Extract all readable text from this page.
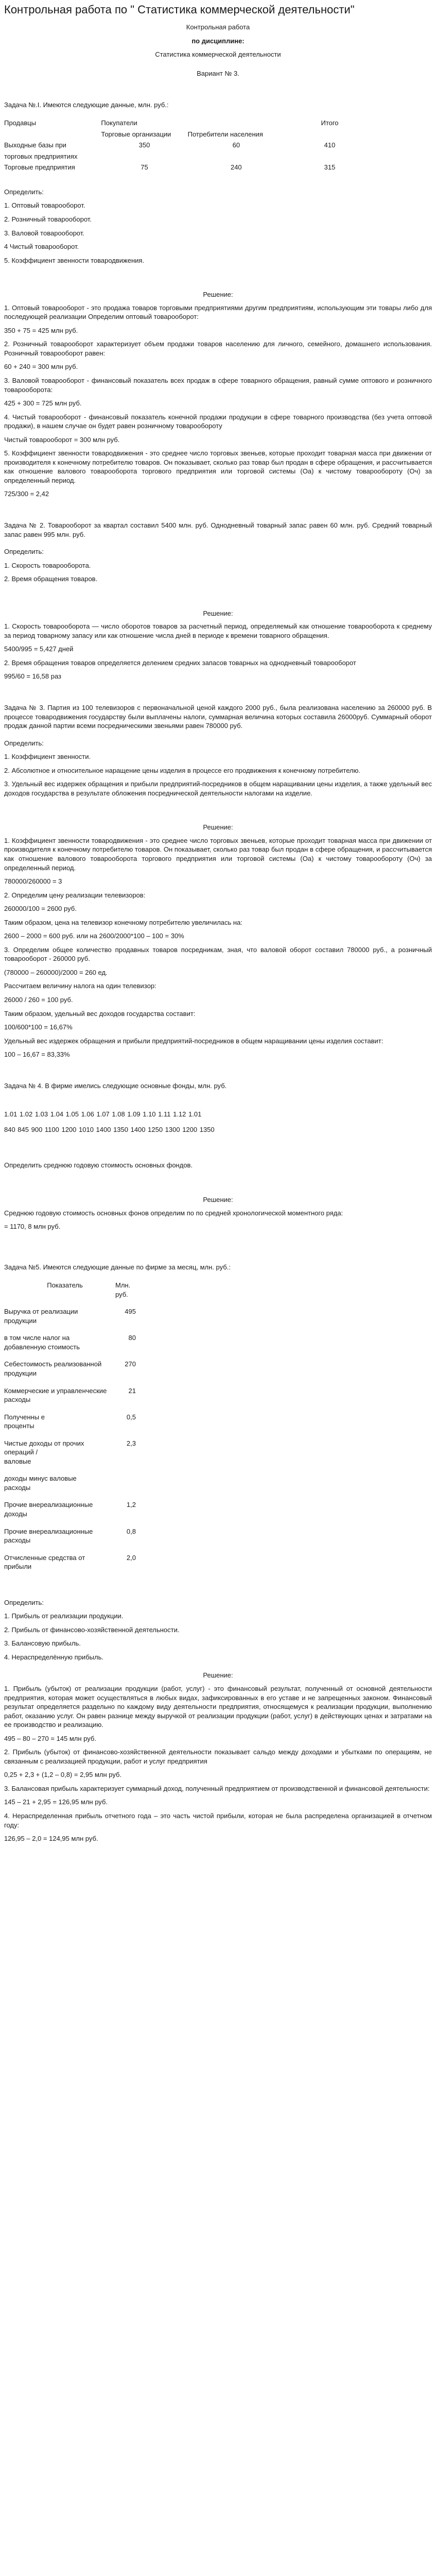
Контрольная работа по " Статистика коммерческой деятельности"

Контрольная работа

по дисциплине:

Статистика коммерческой деятельности

Вариант № 3.

Задача №.I. Имеются следующие данные, млн. руб.:

Продавцы	Покупатели		Итого
	Торговые организации	Потребители населения	
Выходные базы при	350	60	410
торговых предприятиях			
Торговые предприятия	75	240	315

Определить:

1. Оптовый товарооборот.

2. Розничный товарооборот.

3. Валовой товарооборот.

4 Чистый товарооборот.

5. Коэффициент звенности товародвижения.

Решение:

1. Оптовый товарооборот - это продажа товаров торговыми предприятиями другим предприятиям, использующим эти товары либо для последующей реализации Определим оптовый товарооборот:

350 + 75 = 425 млн руб.

2. Розничный товарооборот характеризует объем продажи товаров населению для личного, семейного, домашнего использования. Розничный товарооборот равен:

60 + 240 = 300 млн руб.

3. Валовой товарооборот - финансовый показатель всех продаж в сфере товарного обращения, равный сумме оптового и розничного товарооборота:

425 + 300 = 725 млн руб.

4. Чистый товарооборот - финансовый показатель конечной продажи продукции в сфере товарного производства (без учета оптовой продажи), в нашем случае он будет равен розничному товарообороту

Чистый товарооборот = 300 млн руб.

5. Коэффициент звенности товародвижения - это среднее число торговых звеньев, которые проходит товарная масса при движении от производителя к конечному потребителю товаров. Он показывает, сколько раз товар был продан в сфере обращения, и рассчитывается как отношение валового товарооборота торгового предприятия или торговой системы (Оа) к чистому товарообороту (Оч) за определенный период.

725/300 = 2,42

Задача № 2. Товарооборот за квартал составил 5400 млн. руб. Однодневный товарный запас равен 60 млн. руб. Средний товарный запас равен 995 млн. руб.

Определить:

1. Скорость товарооборота.

2. Время обращения товаров.

Решение:

1. Скорость товарооборота — число оборотов товаров за расчетный период, определяемый как отношение товарооборота к среднему за период товарному запасу или как отношение числа дней в периоде к времени товарного обращения.

5400/995 = 5,427 дней

2. Время обращения товаров определяется делением средних запасов товарных на однодневный товарооборот

995/60 = 16,58 раз

Задача № 3. Партия из 100 телевизоров с первоначальной ценой каждого 2000 руб., была реализована населению за 260000 руб. В процессе товародвижения государству были выплачены налоги, суммарная величина которых составила 26000руб. Суммарный оборот продаж данной партии всеми посредническими звеньями равен 780000 руб.

Определить:

1. Коэффициент звенности.

2. Абсолютное и относительное наращение цены изделия в процессе его продвижения к конечному потребителю.

3. Удельный вес издержек обращения и прибыли предприятий-посредников в общем наращивании цены изделия, а также удельный вес доходов государства в результате обложения посреднической деятельности налогами на изделие.

Решение:

1. Коэффициент звенности товародвижения - это среднее число торговых звеньев, которые проходит товарная масса при движении от производителя к конечному потребителю товаров. Он показывает, сколько раз товар был продан в сфере обращения, и рассчитывается как отношение валового товарооборота торгового предприятия или торговой системы (Оа) к чистому товарообороту (Оч) за определенный период.

780000/260000 = 3

2. Определим цену реализации телевизоров:

260000/100 = 2600 руб.

Таким образом, цена на телевизор конечному потребителю увеличилась на:

2600 – 2000 = 600 руб. или на 2600/2000*100 – 100 = 30%

3. Определим общее количество продавных товаров посредникам, зная, что валовой оборот составил 780000 руб., а розничный товарооборот - 260000 руб.

(780000 – 260000)/2000 = 260 ед.

Рассчитаем величину налога на один телевизор:

26000 / 260 = 100 руб.

Таким образом, удельный вес доходов государства составит:

100/600*100 = 16,67%

Удельный вес издержек обращения и прибыли предприятий-посредников в общем наращивании цены изделия составит:

100 – 16,67 = 83,33%

Задача № 4. В фирме имелись следующие основные фонды, млн. руб.

1.01 1.02 1.03 1.04 1.05 1.06 1.07 1.08 1.09 1.10 1.11 1.12 1.01

840 845 900 1100 1200 1010 1400 1350 1400 1250 1300 1200 1350

Определить среднюю годовую стоимость основных фондов.

Решение:

Среднюю годовую стоимость основных фонов определим по по средней хронологической моментного ряда:

= 1170, 8 млн руб.

Задача №5. Имеются следующие данные по фирме за месяц, млн. руб.:

Показатель	Млн.
руб.

Выручка от реализации
продукции	495

в том числе налог на
добавленную стоимость	80

Себестоимость реализованной
продукции	270

Коммерческие и управленческие
расходы	21

Полученны е
проценты	0,5

Чистые доходы от прочих операций /
валовые	2,3

доходы минус валовые
расходы	

Прочие внереализационные
доходы	1,2

Прочие внереализационные
расходы	0,8

Отчисленные средства от
прибыли	2,0

Определить:

1. Прибыль от реализации продукции.

2. Прибыль от финансово-хозяйственной деятельности.

3. Балансовую прибыль.

4. Нераспределённую прибыль.

Решение:

1. Прибыль (убыток) от реализации продукции (работ, услуг) - это финансовый результат, полученный от основной деятельности предприятия, которая может осуществляться в любых видах, зафиксированных в его уставе и не запрещенных законом. Финансовый результат определяется раздельно по каждому виду деятельности предприятия, относящемуся к реализации продукции, выполнению работ, оказанию услуг. Он равен разнице между выручкой от реализации продукции (работ, услуг) в действующих ценах и затратами на ее производство и реализацию.

495 – 80 – 270 = 145 млн руб.

2. Прибыль (убыток) от финансово-хозяйственной деятельности показывает сальдо между доходами и убытками по операциям, не связанным с реализацией продукции, работ и услуг предприятия

0,25 + 2,3 + (1,2 – 0,8) = 2,95 млн руб.

3. Балансовая прибыль характеризует суммарный доход, полученный предприятием от производственной и финансовой деятельности:

145 – 21 + 2,95 = 126,95 млн руб.

4. Нераспределенная прибыль отчетного года – это часть чистой прибыли, которая не была распределена организацией в отчетном году:

126,95 – 2,0 = 124,95 млн руб.
